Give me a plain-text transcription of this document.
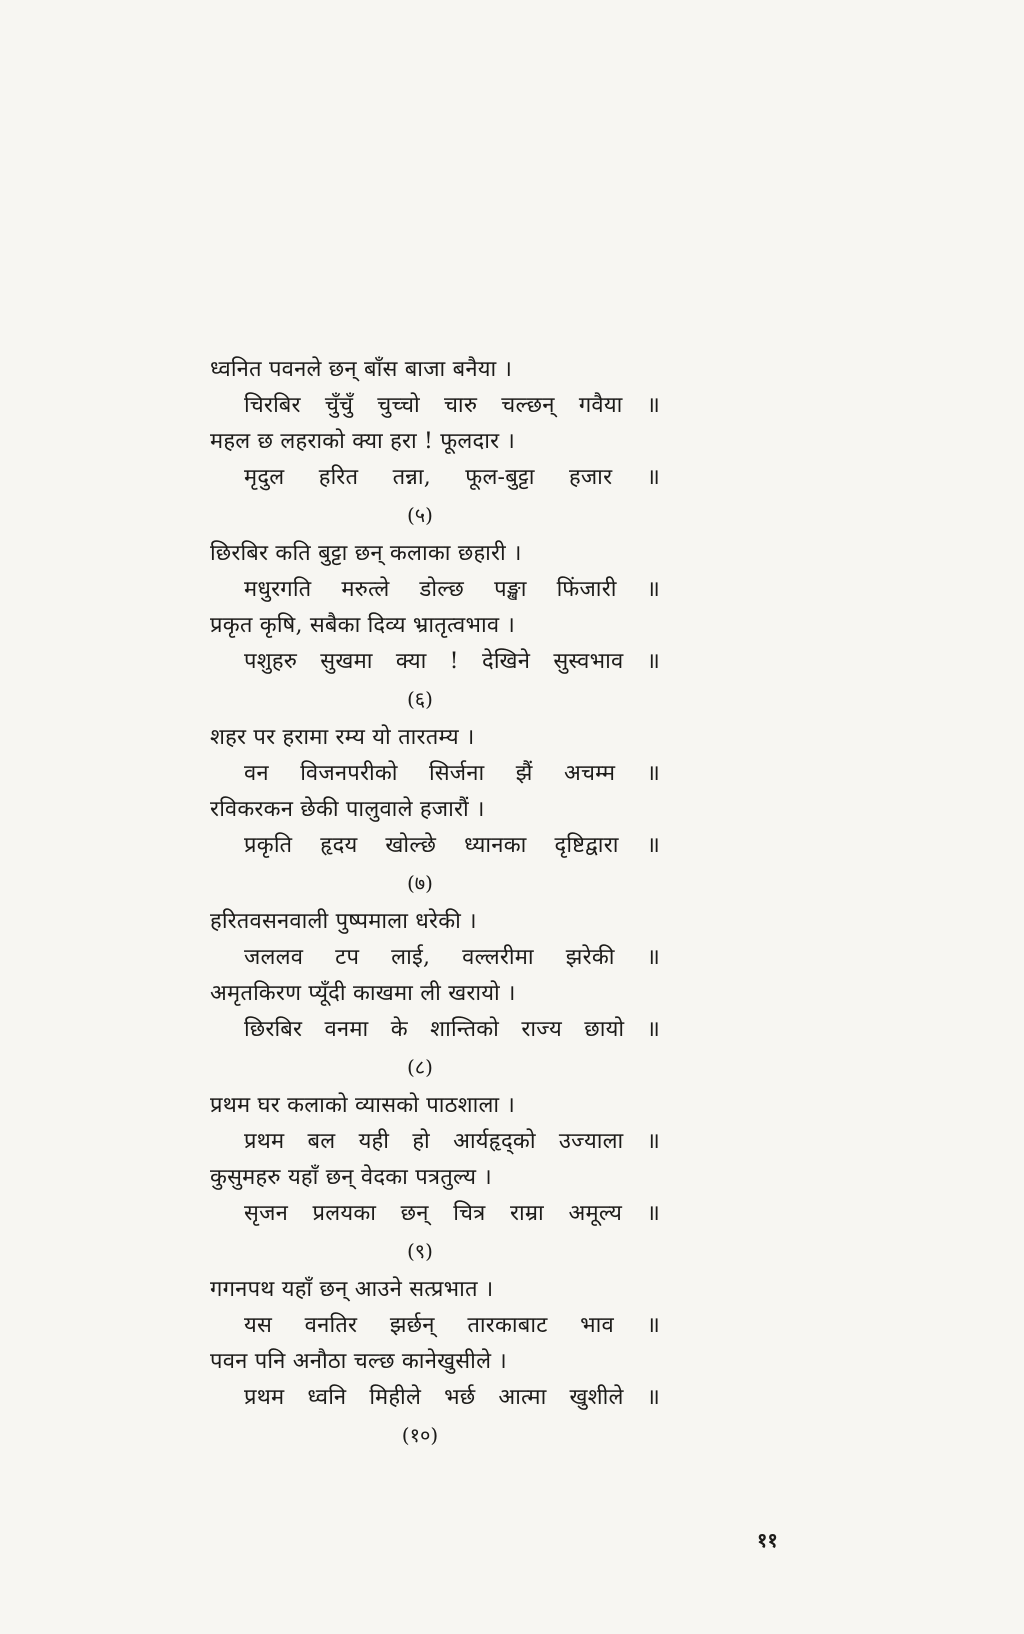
ध्वनित पवनले छन् बाँस बाजा बनैया ।
चिरबिर चुँचुँ चुच्चो चारु चल्छन् गवैया ॥
महल छ लहराको क्या हरा ! फूलदार ।
मृदुल हरित तन्ना, फूल-बुट्टा हजार ॥
(५)
छिरबिर कति बुट्टा छन् कलाका छहारी ।
मधुरगति मरुत्ले डोल्छ पङ्खा फिंजारी ॥
प्रकृत कृषि, सबैका दिव्य भ्रातृत्वभाव ।
पशुहरु सुखमा क्या ! देखिने सुस्वभाव ॥
(६)
शहर पर हरामा रम्य यो तारतम्य ।
वन विजनपरीको सिर्जना झैं अचम्म ॥
रविकरकन छेकी पालुवाले हजारौं ।
प्रकृति हृदय खोल्छे ध्यानका दृष्टिद्वारा ॥
(७)
हरितवसनवाली पुष्पमाला धरेकी ।
जललव टप लाई, वल्लरीमा झरेकी ॥
अमृतकिरण प्यूँदी काखमा ली खरायो ।
छिरबिर वनमा के शान्तिको राज्य छायो ॥
(८)
प्रथम घर कलाको व्यासको पाठशाला ।
प्रथम बल यही हो आर्यहृद्को उज्याला ॥
कुसुमहरु यहाँ छन् वेदका पत्रतुल्य ।
सृजन प्रलयका छन् चित्र राम्रा अमूल्य ॥
(९)
गगनपथ यहाँ छन् आउने सत्प्रभात ।
यस वनतिर झर्छन् तारकाबाट भाव ॥
पवन पनि अनौठा चल्छ कानेखुसीले ।
प्रथम ध्वनि मिहीले भर्छ आत्मा खुशीले ॥
(१०)
११
